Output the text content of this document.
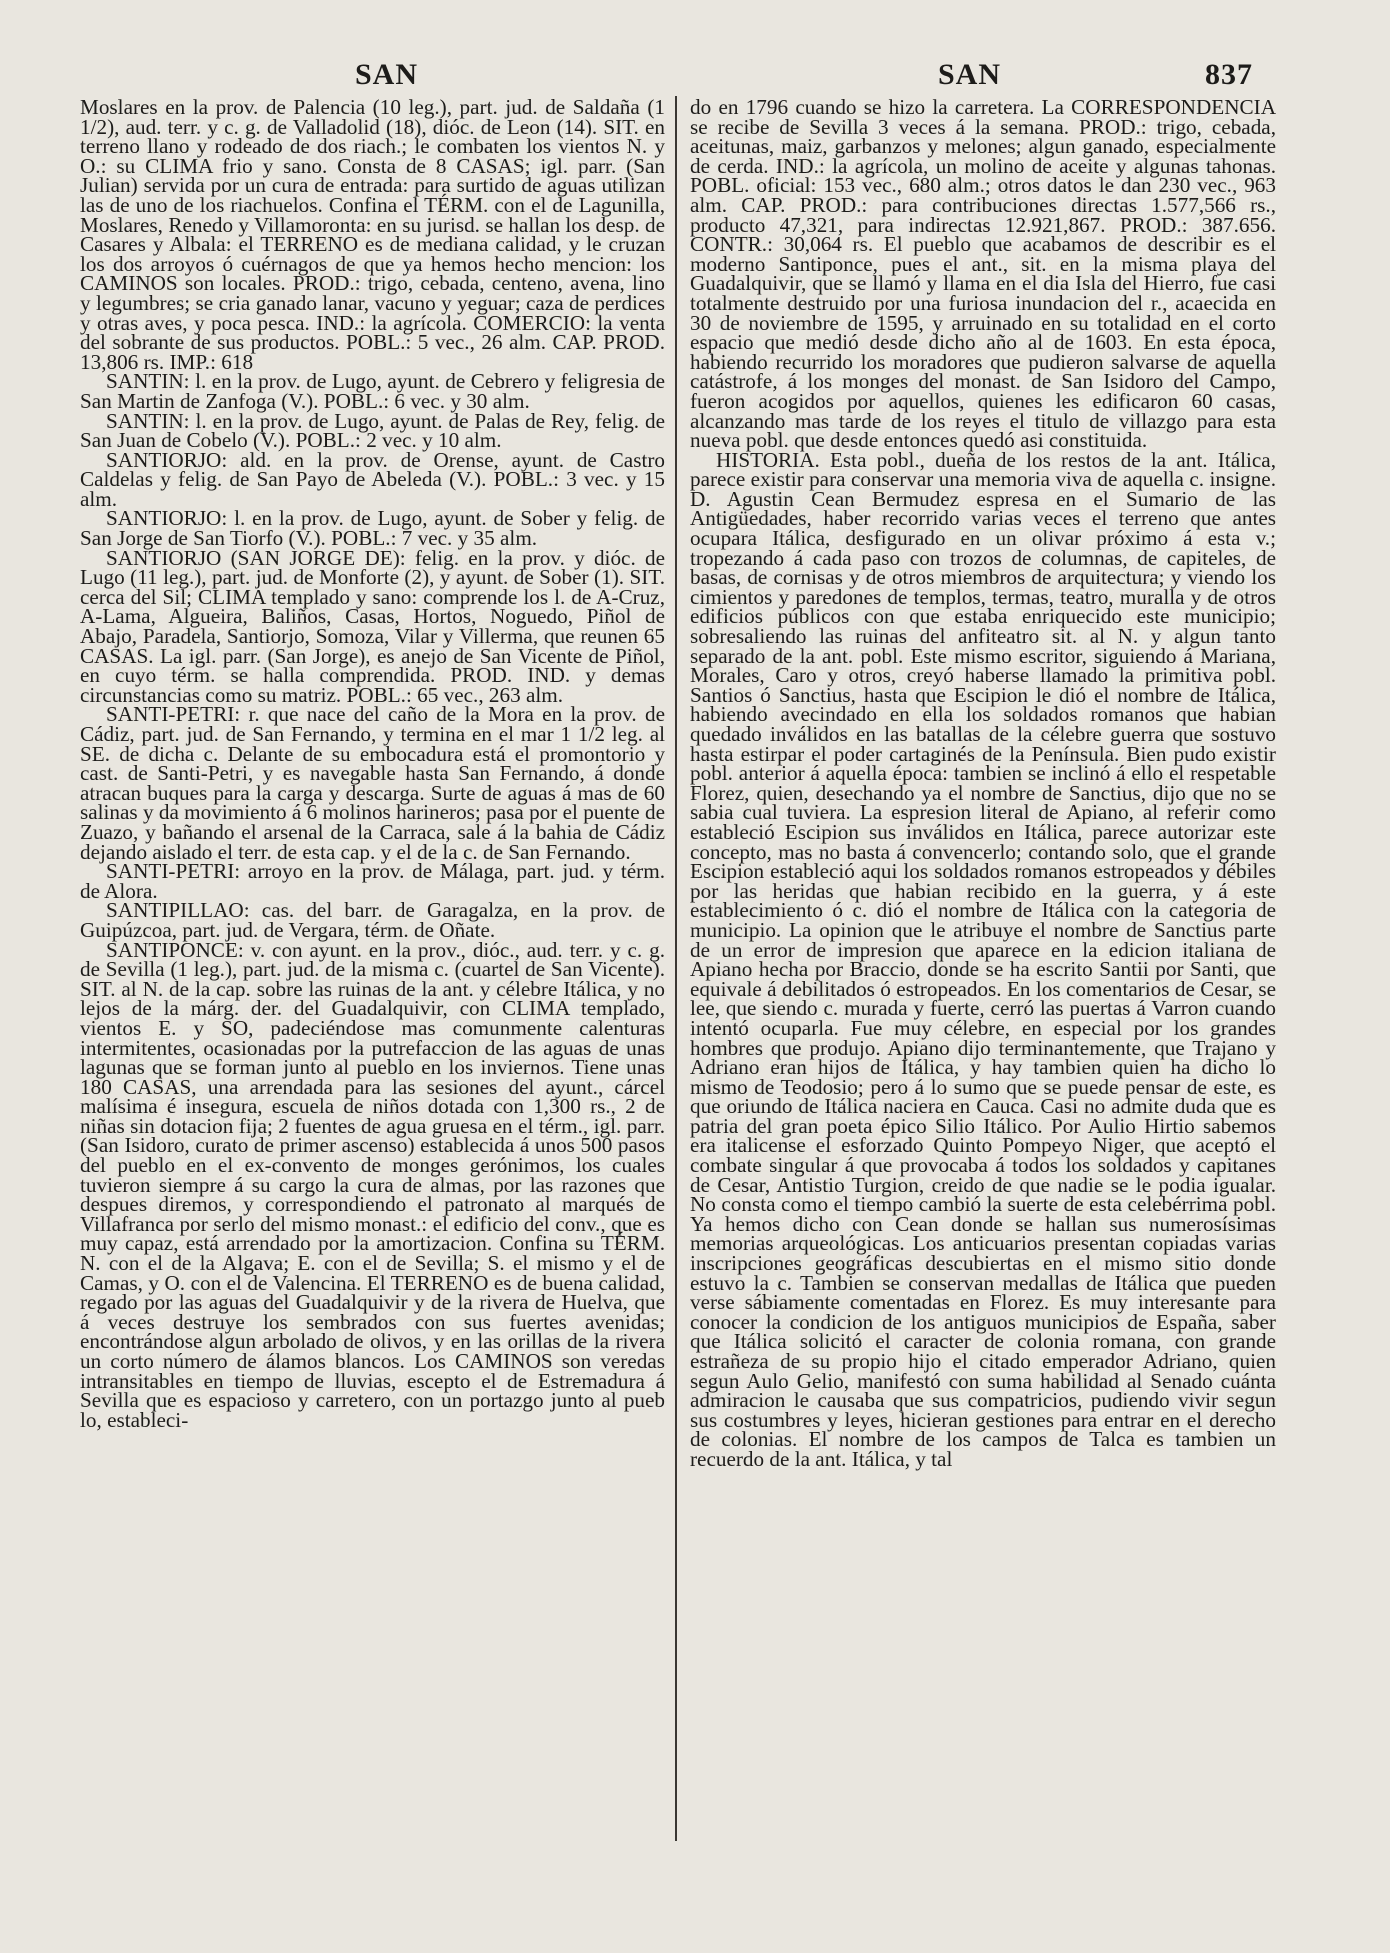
SAN	SAN	837

Moslares en la prov. de Palencia (10 leg.), part. jud. de Saldaña (1 1/2), aud. terr. y c. g. de Valladolid (18), dióc. de Leon (14). SIT. en terreno llano y rodeado de dos riach.; le combaten los vientos N. y O.: su CLIMA frio y sano. Consta de 8 CASAS; igl. parr. (San Julian) servida por un cura de entrada: para surtido de aguas utilizan las de uno de los riachuelos. Confina el TÉRM. con el de Lagunilla, Moslares, Renedo y Villamoronta: en su jurisd. se hallan los desp. de Casares y Albala: el TERRENO es de mediana calidad, y le cruzan los dos arroyos ó cuérnagos de que ya hemos hecho mencion: los CAMINOS son locales. PROD.: trigo, cebada, centeno, avena, lino y legumbres; se cria ganado lanar, vacuno y yeguar; caza de perdices y otras aves, y poca pesca. IND.: la agrícola. COMERCIO: la venta del sobrante de sus productos. POBL.: 5 vec., 26 alm. CAP. PROD. 13,806 rs. IMP.: 618

SANTIN: l. en la prov. de Lugo, ayunt. de Cebrero y feligresia de San Martin de Zanfoga (V.). POBL.: 6 vec. y 30 alm.

SANTIN: l. en la prov. de Lugo, ayunt. de Palas de Rey, felig. de San Juan de Cobelo (V.). POBL.: 2 vec. y 10 alm.

SANTIORJO: ald. en la prov. de Orense, ayunt. de Castro Caldelas y felig. de San Payo de Abeleda (V.). POBL.: 3 vec. y 15 alm.

SANTIORJO: l. en la prov. de Lugo, ayunt. de Sober y felig. de San Jorge de San Tiorfo (V.). POBL.: 7 vec. y 35 alm.

SANTIORJO (SAN JORGE DE): felig. en la prov. y dióc. de Lugo (11 leg.), part. jud. de Monforte (2), y ayunt. de Sober (1). SIT. cerca del Sil; CLIMA templado y sano: comprende los l. de A-Cruz, A-Lama, Algueira, Baliños, Casas, Hortos, Noguedo, Piñol de Abajo, Paradela, Santiorjo, Somoza, Vilar y Villerma, que reunen 65 CASAS. La igl. parr. (San Jorge), es anejo de San Vicente de Piñol, en cuyo térm. se halla comprendida. PROD. IND. y demas circunstancias como su matriz. POBL.: 65 vec., 263 alm.

SANTI-PETRI: r. que nace del caño de la Mora en la prov. de Cádiz, part. jud. de San Fernando, y termina en el mar 1 1/2 leg. al SE. de dicha c. Delante de su embocadura está el promontorio y cast. de Santi-Petri, y es navegable hasta San Fernando, á donde atracan buques para la carga y descarga. Surte de aguas á mas de 60 salinas y da movimiento á 6 molinos harineros; pasa por el puente de Zuazo, y bañando el arsenal de la Carraca, sale á la bahia de Cádiz dejando aislado el terr. de esta cap. y el de la c. de San Fernando.

SANTI-PETRI: arroyo en la prov. de Málaga, part. jud. y térm. de Alora.

SANTIPILLAO: cas. del barr. de Garagalza, en la prov. de Guipúzcoa, part. jud. de Vergara, térm. de Oñate.

SANTIPONCE: v. con ayunt. en la prov., dióc., aud. terr. y c. g. de Sevilla (1 leg.), part. jud. de la misma c. (cuartel de San Vicente). SIT. al N. de la cap. sobre las ruinas de la ant. y célebre Itálica, y no lejos de la márg. der. del Guadalquivir, con CLIMA templado, vientos E. y SO, padeciéndose mas comunmente calenturas intermitentes, ocasionadas por la putrefaccion de las aguas de unas lagunas que se forman junto al pueblo en los inviernos. Tiene unas 180 CASAS, una arrendada para las sesiones del ayunt., cárcel malísima é insegura, escuela de niños dotada con 1,300 rs., 2 de niñas sin dotacion fija; 2 fuentes de agua gruesa en el térm., igl. parr. (San Isidoro, curato de primer ascenso) establecida á unos 500 pasos del pueblo en el ex-convento de monges gerónimos, los cuales tuvieron siempre á su cargo la cura de almas, por las razones que despues diremos, y correspondiendo el patronato al marqués de Villafranca por serlo del mismo monast.: el edificio del conv., que es muy capaz, está arrendado por la amortizacion. Confina su TÉRM. N. con el de la Algava; E. con el de Sevilla; S. el mismo y el de Camas, y O. con el de Valencina. El TERRENO es de buena calidad, regado por las aguas del Guadalquivir y de la rivera de Huelva, que á veces destruye los sembrados con sus fuertes avenidas; encontrándose algun arbolado de olivos, y en las orillas de la rivera un corto número de álamos blancos. Los CAMINOS son veredas intransitables en tiempo de lluvias, esceptο el de Estremadura á Sevilla que es espacioso y carretero, con un portazgo junto al pueb lo, estableci-

do en 1796 cuando se hizo la carretera. La CORRESPONDENCIA se recibe de Sevilla 3 veces á la semana. PROD.: trigo, cebada, aceitunas, maiz, garbanzos y melones; algun ganado, especialmente de cerda. IND.: la agrícola, un molino de aceite y algunas tahonas. POBL. oficial: 153 vec., 680 alm.; otros datos le dan 230 vec., 963 alm. CAP. PROD.: para contribuciones directas 1.577,566 rs., producto 47,321, para indirectas 12.921,867. PROD.: 387.656. CONTR.: 30,064 rs. El pueblo que acabamos de describir es el moderno Santiponce, pues el ant., sit. en la misma playa del Guadalquivir, que se llamó y llama en el dia Isla del Hierro, fue casi totalmente destruido por una furiosa inundacion del r., acaecida en 30 de noviembre de 1595, y arruinado en su totalidad en el corto espacio que medió desde dicho año al de 1603. En esta época, habiendo recurrido los moradores que pudieron salvarse de aquella catástrofe, á los monges del monast. de San Isidoro del Campo, fueron acogidos por aquellos, quienes les edificaron 60 casas, alcanzando mas tarde de los reyes el titulo de villazgo para esta nueva pobl. que desde entonces quedó asi constituida.

HISTORIA. Esta pobl., dueña de los restos de la ant. Itálica, parece existir para conservar una memoria viva de aquella c. insigne. D. Agustin Cean Bermudez espresa en el Sumario de las Antigüedades, haber recorrido varias veces el terreno que antes ocupara Itálica, desfigurado en un olivar próximo á esta v.; tropezando á cada paso con trozos de columnas, de capiteles, de basas, de cornisas y de otros miembros de arquitectura; y viendo los cimientos y paredones de templos, termas, teatro, muralla y de otros edificios públicos con que estaba enriquecido este municipio; sobresaliendo las ruinas del anfiteatro sit. al N. y algun tanto separado de la ant. pobl. Este mismo escritor, siguiendo á Mariana, Morales, Caro y otros, creyó haberse llamado la primitiva pobl. Santios ó Sanctius, hasta que Escipion le dió el nombre de Itálica, habiendo avecindado en ella los soldados romanos que habian quedado inválidos en las batallas de la célebre guerra que sostuvo hasta estirpar el poder cartaginés de la Península. Bien pudo existir pobl. anterior á aquella época: tambien se inclinó á ello el respetable Florez, quien, desechando ya el nombre de Sanctius, dijo que no se sabia cual tuviera. La espresion literal de Apiano, al referir como estableció Escipion sus inválidos en Itálica, parece autorizar este concepto, mas no basta á convencerlo; contando solo, que el grande Escipion estableció aqui los soldados romanos estropeados y débiles por las heridas que habian recibido en la guerra, y á este establecimiento ó c. dió el nombre de Itálica con la categoria de municipio. La opinion que le atribuye el nombre de Sanctius parte de un error de impresion que aparece en la edicion italiana de Apiano hecha por Braccio, donde se ha escrito Santii por Santi, que equivale á debilitados ó estropeados. En los comentarios de Cesar, se lee, que siendo c. murada y fuerte, cerró las puertas á Varron cuando intentó ocuparla. Fue muy célebre, en especial por los grandes hombres que produjo. Apiano dijo terminantemente, que Trajano y Adriano eran hijos de Itálica, y hay tambien quien ha dicho lo mismo de Teodosio; pero á lo sumo que se puede pensar de este, es que oriundo de Itálica naciera en Cauca. Casi no admite duda que es patria del gran poeta épico Silio Itálico. Por Aulio Hirtio sabemos era italicense el esforzado Quinto Pompeyo Niger, que aceptó el combate singular á que provocaba á todos los soldados y capitanes de Cesar, Antistio Turgion, creido de que nadie se le podia igualar. No consta como el tiempo cambió la suerte de esta celebérrima pobl. Ya hemos dicho con Cean donde se hallan sus numerosísimas memorias arqueológicas. Los anticuarios presentan copiadas varias inscripciones geográficas descubiertas en el mismo sitio donde estuvo la c. Tambien se conservan medallas de Itálica que pueden verse sábiamente comentadas en Florez. Es muy interesante para conocer la condicion de los antiguos municipios de España, saber que Itálica solicitó el caracter de colonia romana, con grande estrañeza de su propio hijo el citado emperador Adriano, quien segun Aulo Gelio, manifestó con suma habilidad al Senado cuánta admiracion le causaba que sus compatricios, pudiendo vivir segun sus costumbres y leyes, hicieran gestiones para entrar en el derecho de colonias. El nombre de los campos de Talca es tambien un recuerdo de la ant. Itálica, y tal
